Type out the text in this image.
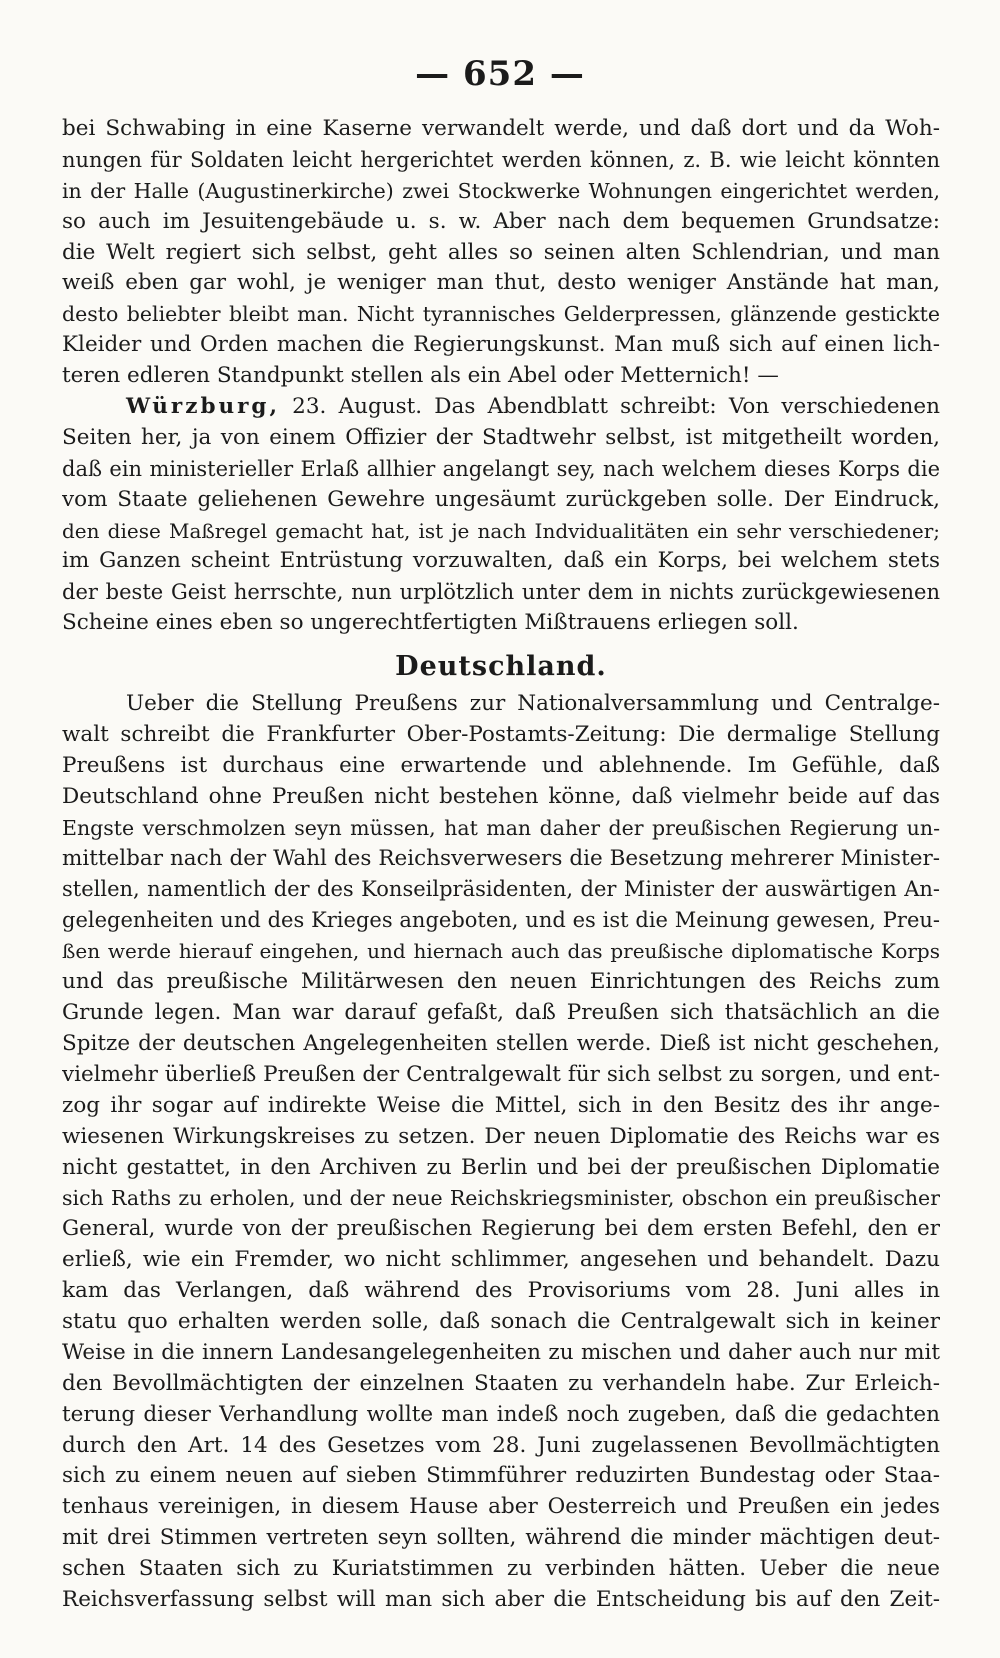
— 652 —
bei Schwabing in eine Kaserne verwandelt werde, und daß dort und da Woh-
nungen für Soldaten leicht hergerichtet werden können, z. B. wie leicht könnten
in der Halle (Augustinerkirche) zwei Stockwerke Wohnungen eingerichtet werden,
so auch im Jesuitengebäude u. s. w. Aber nach dem bequemen Grundsatze:
die Welt regiert sich selbst, geht alles so seinen alten Schlendrian, und man
weiß eben gar wohl, je weniger man thut, desto weniger Anstände hat man,
desto beliebter bleibt man. Nicht tyrannisches Gelderpressen, glänzende gestickte
Kleider und Orden machen die Regierungskunst. Man muß sich auf einen lich-
teren edleren Standpunkt stellen als ein Abel oder Metternich! —
Würzburg, 23. August. Das Abendblatt schreibt: Von verschiedenen
Seiten her, ja von einem Offizier der Stadtwehr selbst, ist mitgetheilt worden,
daß ein ministerieller Erlaß allhier angelangt sey, nach welchem dieses Korps die
vom Staate geliehenen Gewehre ungesäumt zurückgeben solle. Der Eindruck,
den diese Maßregel gemacht hat, ist je nach Indvidualitäten ein sehr verschiedener;
im Ganzen scheint Entrüstung vorzuwalten, daß ein Korps, bei welchem stets
der beste Geist herrschte, nun urplötzlich unter dem in nichts zurückgewiesenen
Scheine eines eben so ungerechtfertigten Mißtrauens erliegen soll.
Deutschland.
Ueber die Stellung Preußens zur Nationalversammlung und Centralge-
walt schreibt die Frankfurter Ober-Postamts-Zeitung: Die dermalige Stellung
Preußens ist durchaus eine erwartende und ablehnende. Im Gefühle, daß
Deutschland ohne Preußen nicht bestehen könne, daß vielmehr beide auf das
Engste verschmolzen seyn müssen, hat man daher der preußischen Regierung un-
mittelbar nach der Wahl des Reichsverwesers die Besetzung mehrerer Minister-
stellen, namentlich der des Konseilpräsidenten, der Minister der auswärtigen An-
gelegenheiten und des Krieges angeboten, und es ist die Meinung gewesen, Preu-
ßen werde hierauf eingehen, und hiernach auch das preußische diplomatische Korps
und das preußische Militärwesen den neuen Einrichtungen des Reichs zum
Grunde legen. Man war darauf gefaßt, daß Preußen sich thatsächlich an die
Spitze der deutschen Angelegenheiten stellen werde. Dieß ist nicht geschehen,
vielmehr überließ Preußen der Centralgewalt für sich selbst zu sorgen, und ent-
zog ihr sogar auf indirekte Weise die Mittel, sich in den Besitz des ihr ange-
wiesenen Wirkungskreises zu setzen. Der neuen Diplomatie des Reichs war es
nicht gestattet, in den Archiven zu Berlin und bei der preußischen Diplomatie
sich Raths zu erholen, und der neue Reichskriegsminister, obschon ein preußischer
General, wurde von der preußischen Regierung bei dem ersten Befehl, den er
erließ, wie ein Fremder, wo nicht schlimmer, angesehen und behandelt. Dazu
kam das Verlangen, daß während des Provisoriums vom 28. Juni alles in
statu quo erhalten werden solle, daß sonach die Centralgewalt sich in keiner
Weise in die innern Landesangelegenheiten zu mischen und daher auch nur mit
den Bevollmächtigten der einzelnen Staaten zu verhandeln habe. Zur Erleich-
terung dieser Verhandlung wollte man indeß noch zugeben, daß die gedachten
durch den Art. 14 des Gesetzes vom 28. Juni zugelassenen Bevollmächtigten
sich zu einem neuen auf sieben Stimmführer reduzirten Bundestag oder Staa-
tenhaus vereinigen, in diesem Hause aber Oesterreich und Preußen ein jedes
mit drei Stimmen vertreten seyn sollten, während die minder mächtigen deut-
schen Staaten sich zu Kuriatstimmen zu verbinden hätten. Ueber die neue
Reichsverfassung selbst will man sich aber die Entscheidung bis auf den Zeit-
